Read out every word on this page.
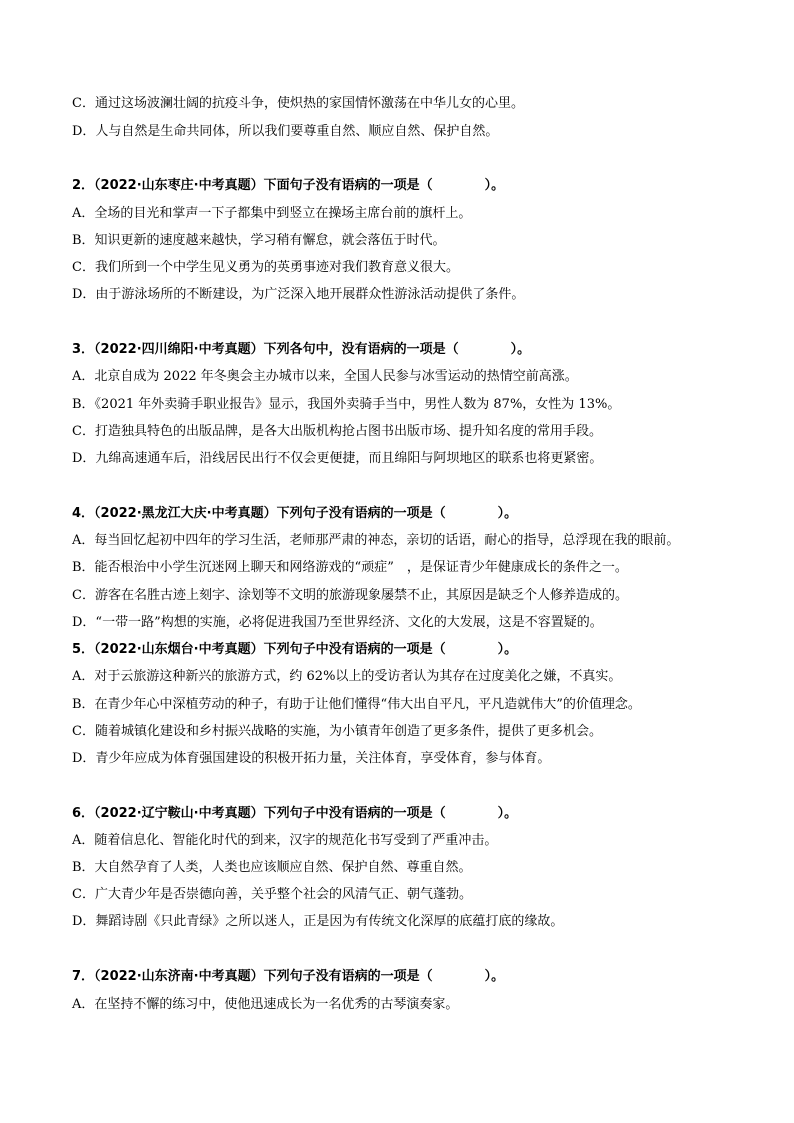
C．通过这场波澜壮阔的抗疫斗争，使炽热的家国情怀激荡在中华儿女的心里。
D．人与自然是生命共同体，所以我们要尊重自然、顺应自然、保护自然。
2．（2022·山东枣庄·中考真题）下面句子没有语病的一项是（　　　　）。
A．全场的目光和掌声一下子都集中到竖立在操场主席台前的旗杆上。
B．知识更新的速度越来越快，学习稍有懈怠，就会落伍于时代。
C．我们所到一个中学生见义勇为的英勇事迹对我们教育意义很大。
D．由于游泳场所的不断建设，为广泛深入地开展群众性游泳活动提供了条件。
3．（2022·四川绵阳·中考真题）下列各句中，没有语病的一项是（　　　　）。
A．北京自成为 2022 年冬奥会主办城市以来，全国人民参与冰雪运动的热情空前高涨。
B．《2021 年外卖骑手职业报告》显示，我国外卖骑手当中，男性人数为 87%，女性为 13%。
C．打造独具特色的出版品牌，是各大出版机构抢占图书出版市场、提升知名度的常用手段。
D．九绵高速通车后，沿线居民出行不仅会更便捷，而且绵阳与阿坝地区的联系也将更紧密。
4．（2022·黑龙江大庆·中考真题）下列句子没有语病的一项是（　　　　）。
A．每当回忆起初中四年的学习生活，老师那严肃的神态，亲切的话语，耐心的指导，总浮现在我的眼前。
B．能否根治中小学生沉迷网上聊天和网络游戏的“顽症”　，是保证青少年健康成长的条件之一。
C．游客在名胜古迹上刻字、涂划等不文明的旅游现象屡禁不止，其原因是缺乏个人修养造成的。
D．“一带一路”构想的实施，必将促进我国乃至世界经济、文化的大发展，这是不容置疑的。
5．（2022·山东烟台·中考真题）下列句子中没有语病的一项是（　　　　）。
A．对于云旅游这种新兴的旅游方式，约 62%以上的受访者认为其存在过度美化之嫌，不真实。
B．在青少年心中深植劳动的种子，有助于让他们懂得“伟大出自平凡，平凡造就伟大”的价值理念。
C．随着城镇化建设和乡村振兴战略的实施，为小镇青年创造了更多条件，提供了更多机会。
D．青少年应成为体育强国建设的积极开拓力量，关注体育，享受体育，参与体育。
6．（2022·辽宁鞍山·中考真题）下列句子中没有语病的一项是（　　　　）。
A．随着信息化、智能化时代的到来，汉字的规范化书写受到了严重冲击。
B．大自然孕育了人类，人类也应该顺应自然、保护自然、尊重自然。
C．广大青少年是否崇德向善，关乎整个社会的风清气正、朝气蓬勃。
D．舞蹈诗剧《只此青绿》之所以迷人，正是因为有传统文化深厚的底蕴打底的缘故。
7．（2022·山东济南·中考真题）下列句子没有语病的一项是（　　　　）。
A．在坚持不懈的练习中，使他迅速成长为一名优秀的古琴演奏家。
